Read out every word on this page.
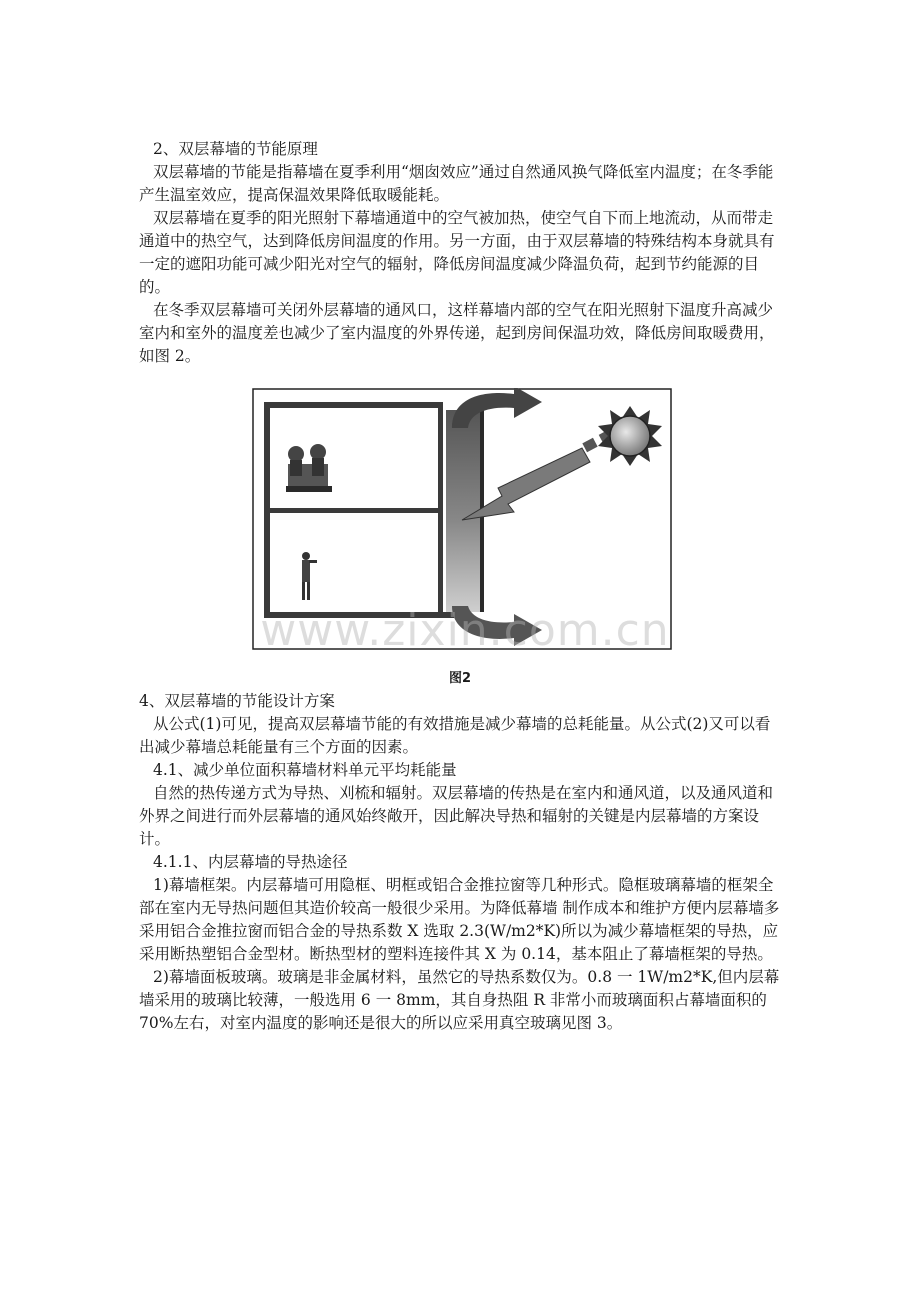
2、双层幕墙的节能原理

双层幕墙的节能是指幕墙在夏季利用“烟囱效应”通过自然通风换气降低室内温度；在冬季能产生温室效应，提高保温效果降低取暖能耗。

双层幕墙在夏季的阳光照射下幕墙通道中的空气被加热，使空气自下而上地流动，从而带走通道中的热空气，达到降低房间温度的作用。另一方面，由于双层幕墙的特殊结构本身就具有一定的遮阳功能可减少阳光对空气的辐射，降低房间温度减少降温负荷，起到节约能源的目的。

在冬季双层幕墙可关闭外层幕墙的通风口，这样幕墙内部的空气在阳光照射下温度升高减少室内和室外的温度差也减少了室内温度的外界传递，起到房间保温功效，降低房间取暖费用，如图 2。

www.zixin.com.cn
图2

4、双层幕墙的节能设计方案

从公式(1)可见，提高双层幕墙节能的有效措施是减少幕墙的总耗能量。从公式(2)又可以看出减少幕墙总耗能量有三个方面的因素。

4.1、减少单位面积幕墙材料单元平均耗能量

自然的热传递方式为导热、刈梳和辐射。双层幕墙的传热是在室内和通风道，以及通风道和外界之间进行而外层幕墙的通风始终敞开，因此解决导热和辐射的关键是内层幕墙的方案设计。

4.1.1、内层幕墙的导热途径

1)幕墙框架。内层幕墙可用隐框、明框或铝合金推拉窗等几种形式。隐框玻璃幕墙的框架全部在室内无导热问题但其造价较高一般很少采用。为降低幕墙 制作成本和维护方便内层幕墙多采用铝合金推拉窗而铝合金的导热系数 X 选取 2.3(W/m2*K)所以为减少幕墙框架的导热，应采用断热塑铝合金型材。断热型材的塑料连接件其 X 为 0.14，基本阻止了幕墙框架的导热。

2)幕墙面板玻璃。玻璃是非金属材料，虽然它的导热系数仅为。0.8 一 1W/m2*K,但内层幕墙采用的玻璃比较薄，一般选用 6 一 8mm，其自身热阻 R 非常小而玻璃面积占幕墙面积的 70%左右，对室内温度的影响还是很大的所以应采用真空玻璃见图 3。
